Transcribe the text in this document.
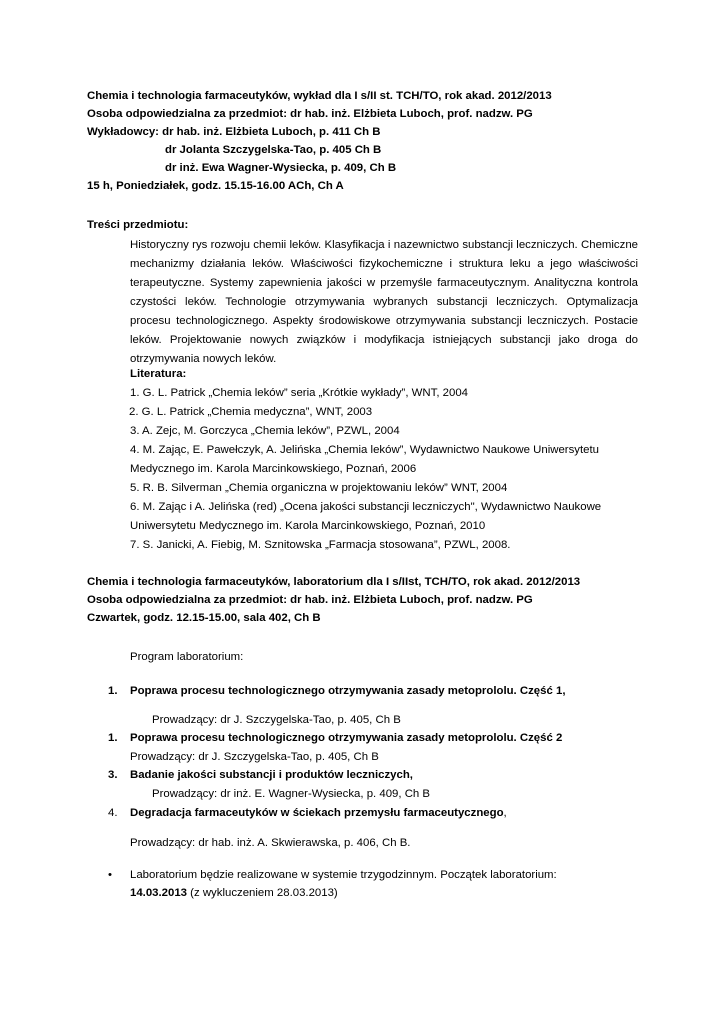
Chemia i technologia farmaceutyków, wykład dla I s/II st. TCH/TO, rok akad. 2012/2013
Osoba odpowiedzialna za przedmiot: dr hab. inż. Elżbieta Luboch, prof. nadzw. PG
Wykładowcy: dr hab. inż. Elżbieta Luboch, p. 411 Ch B
dr Jolanta Szczygelska-Tao, p. 405 Ch B
dr inż. Ewa Wagner-Wysiecka, p. 409, Ch B
15 h, Poniedziałek, godz. 15.15-16.00 ACh, Ch A
Treści przedmiotu:
Historyczny rys rozwoju chemii leków. Klasyfikacja i nazewnictwo substancji leczniczych. Chemiczne mechanizmy działania leków. Właściwości fizykochemiczne i struktura leku a jego właściwości terapeutyczne. Systemy zapewnienia jakości w przemyśle farmaceutycznym. Analityczna kontrola czystości leków. Technologie otrzymywania wybranych substancji leczniczych. Optymalizacja procesu technologicznego. Aspekty środowiskowe otrzymywania substancji leczniczych. Postacie leków. Projektowanie nowych związków i modyfikacja istniejących substancji jako droga do otrzymywania nowych leków.
Literatura:
1. G. L. Patrick „Chemia leków” seria „Krótkie wykłady”, WNT, 2004
2. G. L. Patrick „Chemia medyczna”, WNT, 2003
3. A. Zejc, M. Gorczyca „Chemia leków”, PZWL, 2004
4. M. Zając, E. Pawełczyk, A. Jelińska „Chemia leków”, Wydawnictwo Naukowe Uniwersytetu
Medycznego im. Karola Marcinkowskiego, Poznań, 2006
5. R. B. Silverman „Chemia organiczna w projektowaniu leków” WNT, 2004
6. M. Zając i A. Jelińska (red) „Ocena jakości substancji leczniczych", Wydawnictwo Naukowe
Uniwersytetu Medycznego im. Karola Marcinkowskiego, Poznań, 2010
7. S. Janicki, A. Fiebig, M. Sznitowska „Farmacja stosowana”, PZWL, 2008.
Chemia i technologia farmaceutyków, laboratorium dla I s/IIst, TCH/TO, rok akad. 2012/2013
Osoba odpowiedzialna za przedmiot: dr hab. inż. Elżbieta Luboch, prof. nadzw. PG
Czwartek, godz. 12.15-15.00, sala 402, Ch B
Program laboratorium:
1. Poprawa procesu technologicznego otrzymywania zasady metoprololu. Część 1,
Prowadzący: dr J. Szczygelska-Tao, p. 405, Ch B
1. Poprawa procesu technologicznego otrzymywania zasady metoprololu. Część 2
Prowadzący: dr J. Szczygelska-Tao, p. 405, Ch B
3. Badanie jakości substancji i produktów leczniczych,
Prowadzący: dr inż. E. Wagner-Wysiecka, p. 409, Ch B
4. Degradacja farmaceutyków w ściekach przemysłu farmaceutycznego,
Prowadzący: dr hab. inż. A. Skwierawska, p. 406, Ch B.
• Laboratorium będzie realizowane w systemie trzygodzinnym. Początek laboratorium:
14.03.2013 (z wykluczeniem 28.03.2013)
